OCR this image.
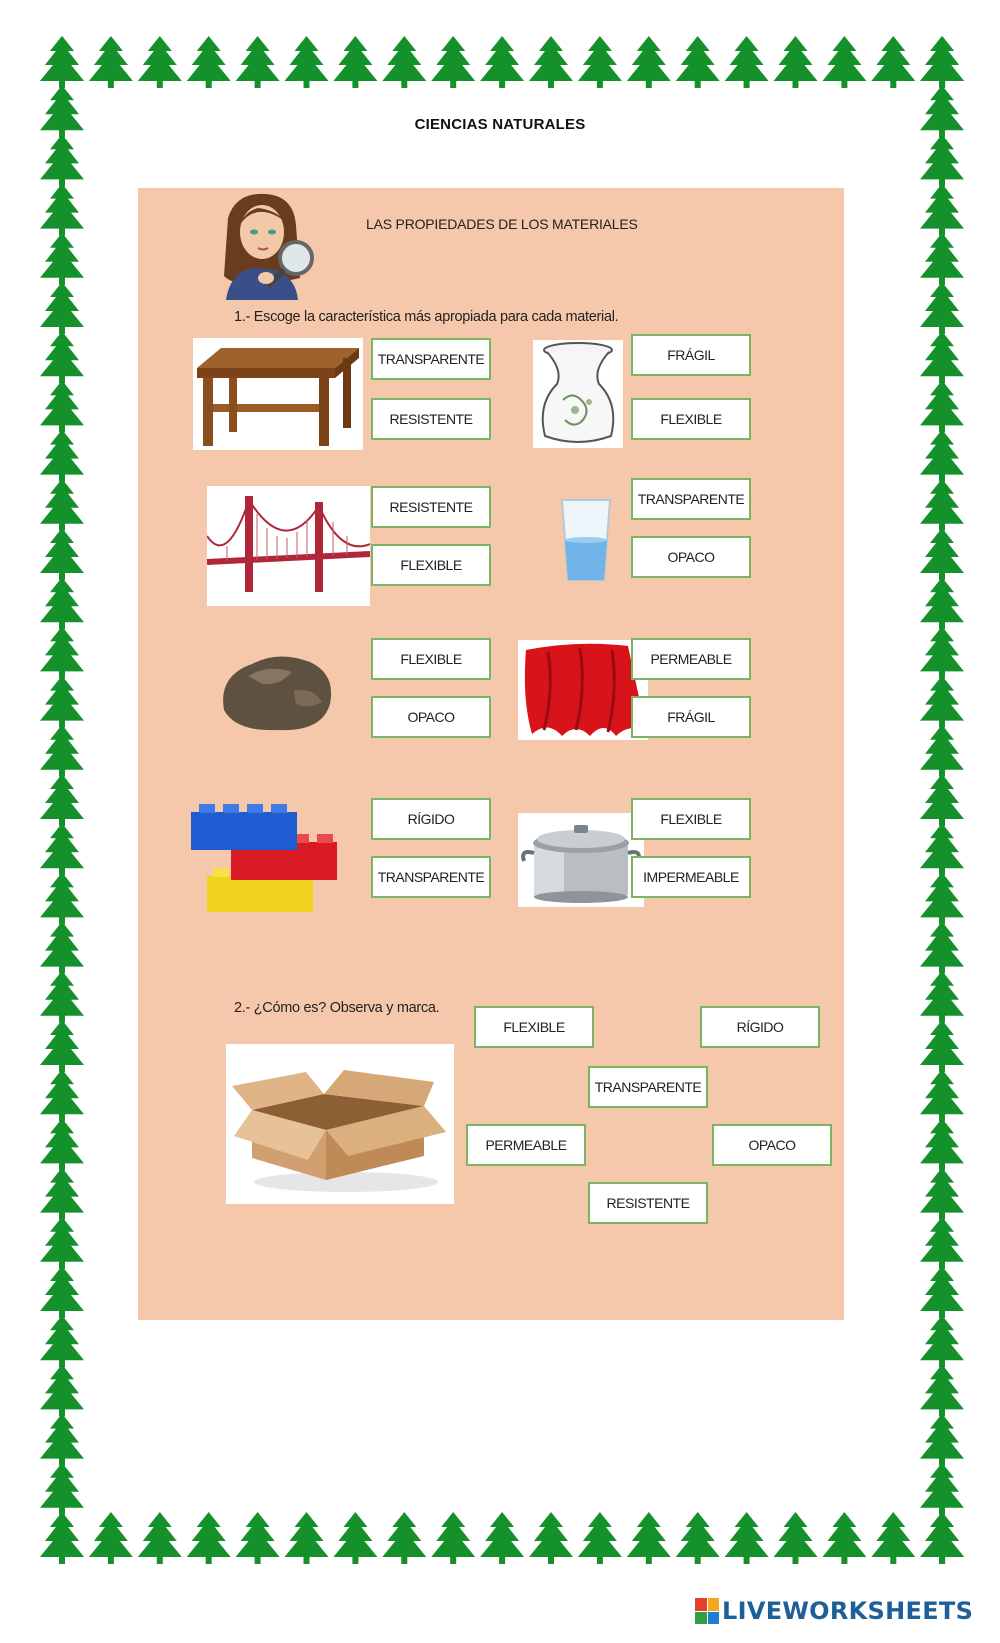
CIENCIAS NATURALES
LAS PROPIEDADES DE LOS MATERIALES
1.- Escoge la característica más apropiada para cada material.
TRANSPARENTE
RESISTENTE
FRÁGIL
FLEXIBLE
RESISTENTE
FLEXIBLE
TRANSPARENTE
OPACO
FLEXIBLE
OPACO
PERMEABLE
FRÁGIL
RÍGIDO
TRANSPARENTE
FLEXIBLE
IMPERMEABLE
2.- ¿Cómo es? Observa y marca.
FLEXIBLE	RÍGIDO
TRANSPARENTE
PERMEABLE	OPACO
RESISTENTE
LIVEWORKSHEETS
